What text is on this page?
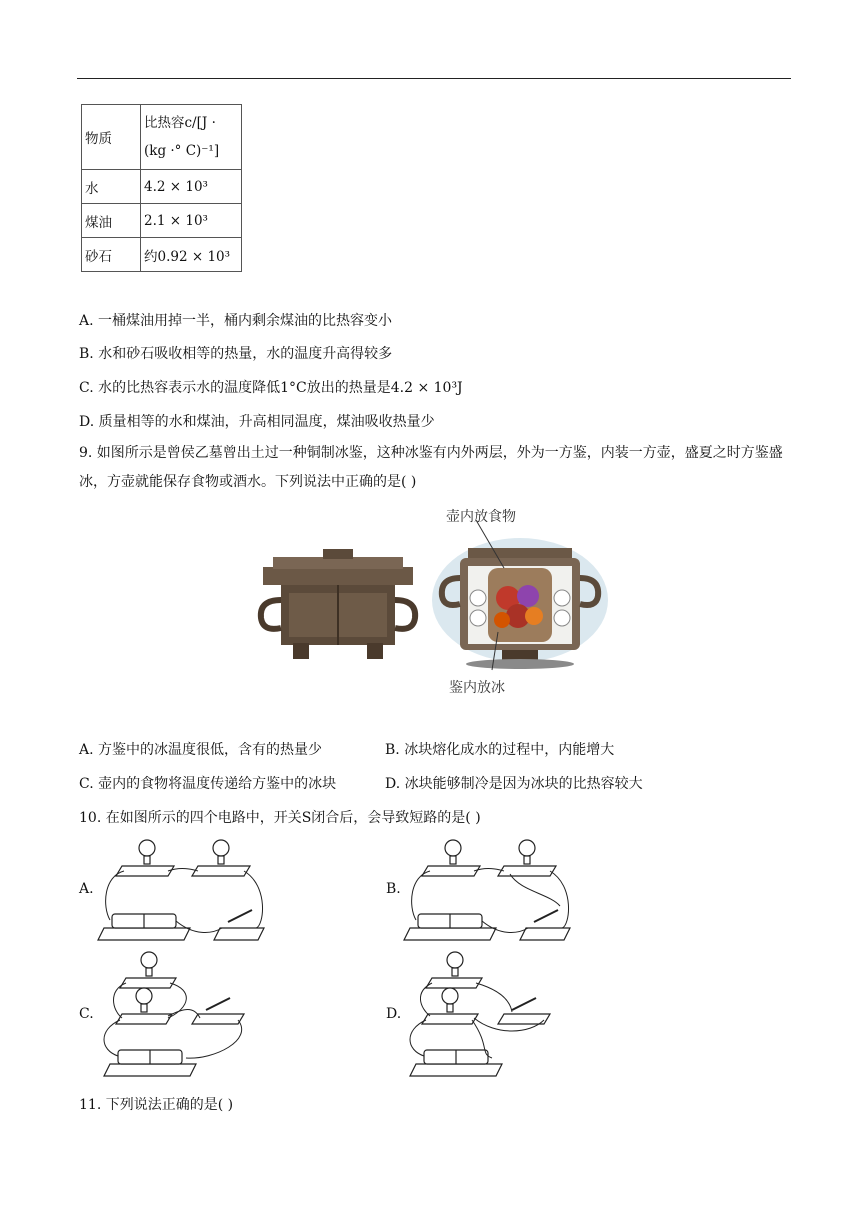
物质	比热容c/[J ·
(kg ·° C)⁻¹]

水	4.2 × 10³
煤油	2.1 × 10³
砂石	约0.92 × 10³
A. 一桶煤油用掉一半，桶内剩余煤油的比热容变小
B. 水和砂石吸收相等的热量，水的温度升高得较多
C. 水的比热容表示水的温度降低1°C放出的热量是4.2 × 10³J
D. 质量相等的水和煤油，升高相同温度，煤油吸收热量少
9. 如图所示是曾侯乙墓曾出土过一种铜制冰鉴，这种冰鉴有内外两层，外为一方鉴，内装一方壶，盛夏之时方鉴盛冰，方壶就能保存食物或酒水。下列说法中正确的是( )
壶内放食物
鉴内放冰
A. 方鉴中的冰温度很低，含有的热量少	B. 冰块熔化成水的过程中，内能增大
C. 壶内的食物将温度传递给方鉴中的冰块	D. 冰块能够制冷是因为冰块的比热容较大
10. 在如图所示的四个电路中，开关S闭合后，会导致短路的是( )
A.	B.
C.	D.
11. 下列说法正确的是( )
